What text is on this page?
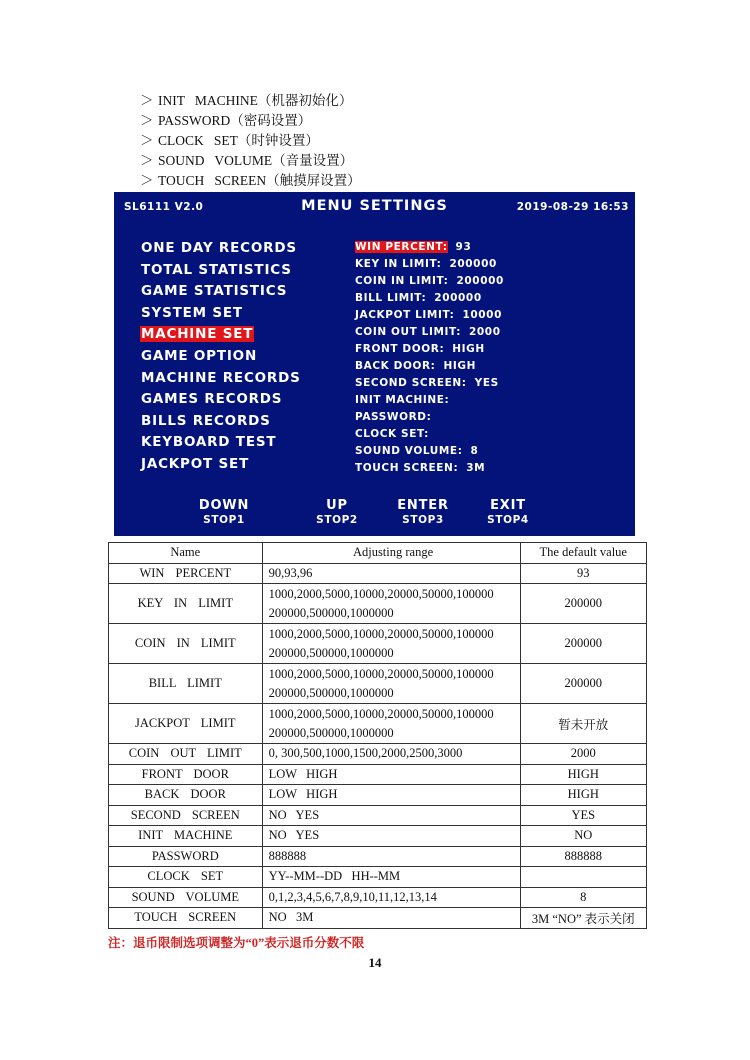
＞ INIT   MACHINE（机器初始化）
＞ PASSWORD（密码设置）
＞ CLOCK   SET（时钟设置）
＞ SOUND   VOLUME（音量设置）
＞ TOUCH   SCREEN（触摸屏设置）
SL6111 V2.0	MENU SETTINGS	2019-08-29 16:53
ONE DAY RECORDS
TOTAL STATISTICS
GAME STATISTICS
SYSTEM SET
MACHINE SET
GAME OPTION
MACHINE RECORDS
GAMES RECORDS
BILLS RECORDS
KEYBOARD TEST
JACKPOT SET
WIN PERCENT: 93
KEY IN LIMIT: 200000
COIN IN LIMIT: 200000
BILL LIMIT: 200000
JACKPOT LIMIT: 10000
COIN OUT LIMIT: 2000
FRONT DOOR: HIGH
BACK DOOR: HIGH
SECOND SCREEN: YES
INIT MACHINE:
PASSWORD:
CLOCK SET:
SOUND VOLUME: 8
TOUCH SCREEN: 3M
DOWN
STOP1
UP
STOP2
ENTER
STOP3
EXIT
STOP4
Name	Adjusting range	The default value
WIN PERCENT	90,93,96	93
KEY IN LIMIT	1000,2000,5000,10000,20000,50000,100000
200000,500000,1000000	200000
COIN IN LIMIT	1000,2000,5000,10000,20000,50000,100000
200000,500000,1000000	200000
BILL LIMIT	1000,2000,5000,10000,20000,50000,100000
200000,500000,1000000	200000
JACKPOT LIMIT	1000,2000,5000,10000,20000,50000,100000
200000,500000,1000000	暂未开放
COIN OUT LIMIT	0, 300,500,1000,1500,2000,2500,3000	2000
FRONT DOOR	LOW   HIGH	HIGH
BACK DOOR	LOW   HIGH	HIGH
SECOND SCREEN	NO   YES	YES
INIT MACHINE	NO   YES	NO
PASSWORD	888888	888888
CLOCK SET	YY--MM--DD   HH--MM	

SOUND VOLUME	0,1,2,3,4,5,6,7,8,9,10,11,12,13,14	8
TOUCH SCREEN	NO   3M	3M “NO” 表示关闭
注：退币限制选项调整为“0”表示退币分数不限
14
